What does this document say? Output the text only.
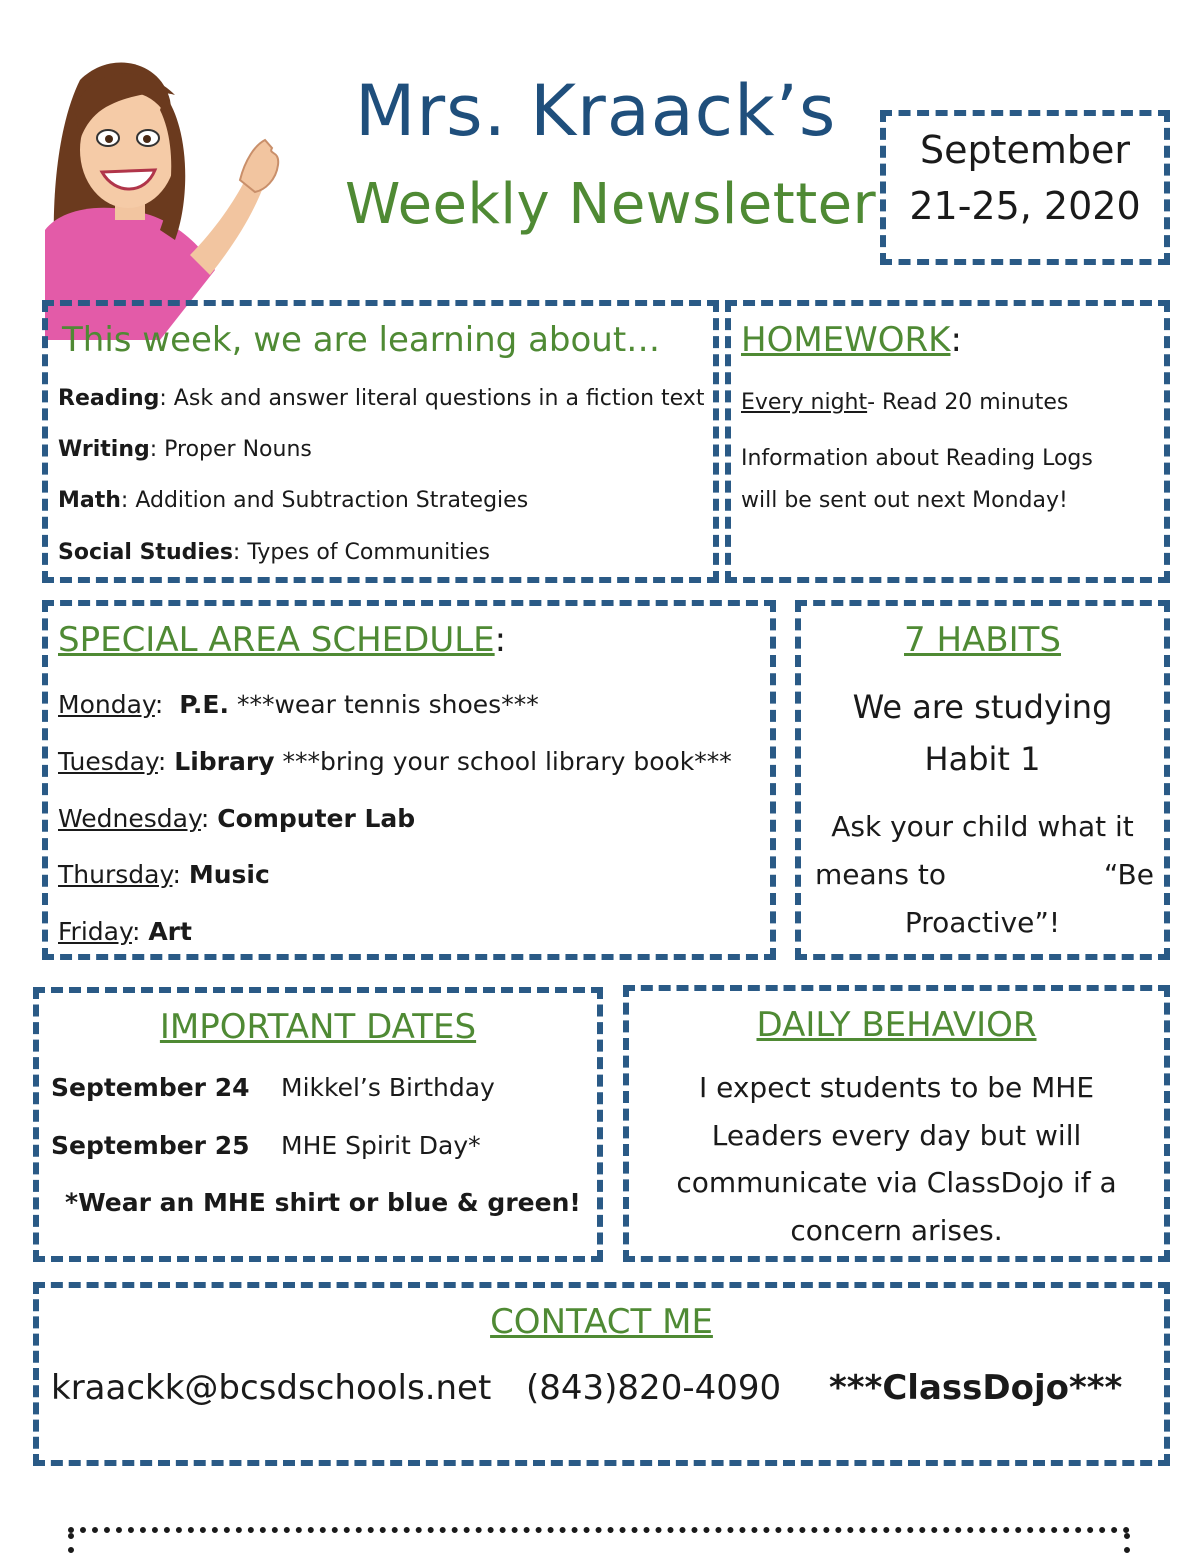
Mrs. Kraack’s
Weekly Newsletter
September
21-25, 2020
This week, we are learning about…
Reading: Ask and answer literal questions in a fiction text
Writing: Proper Nouns
Math: Addition and Subtraction Strategies
Social Studies: Types of Communities
HOMEWORK:
Every night- Read 20 minutes
Information about Reading Logs
will be sent out next Monday!
SPECIAL AREA SCHEDULE:
Monday:  P.E. ***wear tennis shoes***
Tuesday: Library ***bring your school library book***
Wednesday: Computer Lab
Thursday: Music
Friday: Art
7 HABITS
We are studying
Habit 1
Ask your child what it
means to	“Be
Proactive”!
IMPORTANT DATES
September 24 Mikkel’s Birthday
September 25 MHE Spirit Day*
*Wear an MHE shirt or blue & green!
DAILY BEHAVIOR
I expect students to be MHE
Leaders every day but will
communicate via ClassDojo if a
concern arises.
CONTACT ME
kraackk@bcsdschools.net (843)820-4090 ***ClassDojo***
